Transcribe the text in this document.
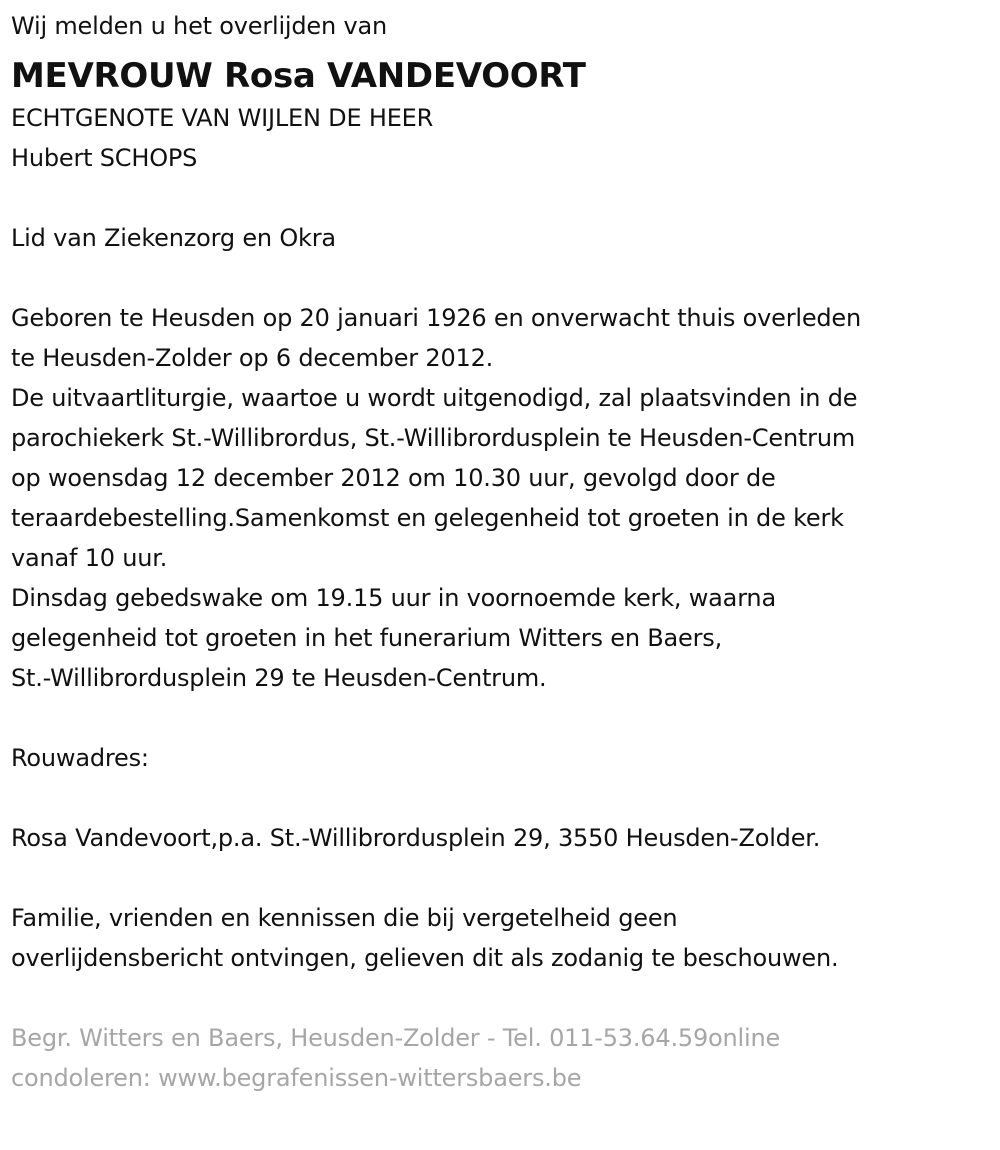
Wij melden u het overlijden van
MEVROUW Rosa VANDEVOORT
ECHTGENOTE VAN WIJLEN DE HEER
Hubert SCHOPS
Lid van Ziekenzorg en Okra
Geboren te Heusden op 20 januari 1926 en onverwacht thuis overleden
te Heusden-Zolder op 6 december 2012.
De uitvaartliturgie, waartoe u wordt uitgenodigd, zal plaatsvinden in de
parochiekerk St.-Willibrordus, St.-Willibrordusplein te Heusden-Centrum
op woensdag 12 december 2012 om 10.30 uur, gevolgd door de
teraardebestelling.Samenkomst en gelegenheid tot groeten in de kerk
vanaf 10 uur.
Dinsdag gebedswake om 19.15 uur in voornoemde kerk, waarna
gelegenheid tot groeten in het funerarium Witters en Baers,
St.-Willibrordusplein 29 te Heusden-Centrum.
Rouwadres:
Rosa Vandevoort,p.a. St.-Willibrordusplein 29, 3550 Heusden-Zolder.
Familie, vrienden en kennissen die bij vergetelheid geen
overlijdensbericht ontvingen, gelieven dit als zodanig te beschouwen.
Begr. Witters en Baers, Heusden-Zolder - Tel. 011-53.64.59online
condoleren: www.begrafenissen-wittersbaers.be
